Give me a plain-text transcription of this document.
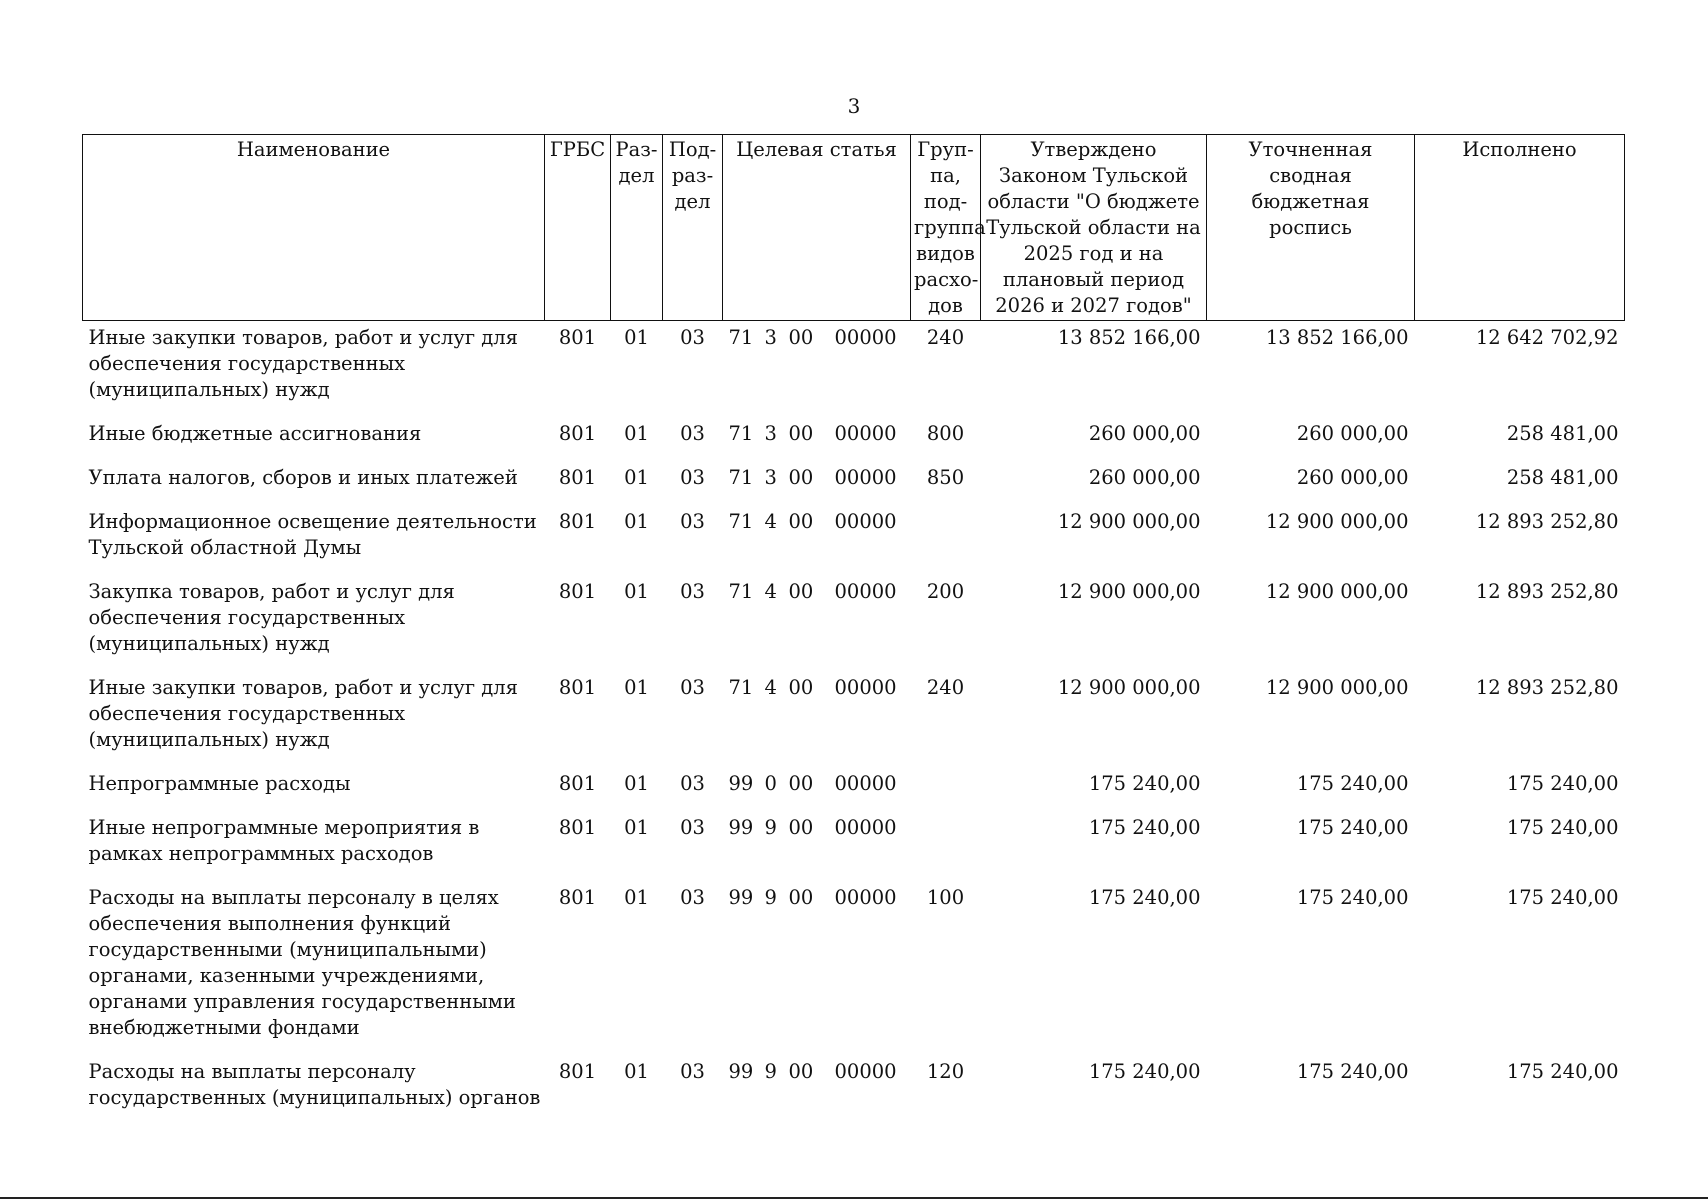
3
Наименование	ГРБС	Раз-дел	Под-раз-дел	Целевая статья	Груп-па, под-группа видов расхо-дов	Утверждено Законом Тульской области "О бюджете Тульской области на 2025 год и на плановый период 2026 и 2027 годов"	Уточненная сводная бюджетная роспись	Исполнено
Иные закупки товаров, работ и услуг для обеспечения государственных (муниципальных) нужд	801	01	03	71 3 00 00000	240	13 852 166,00	13 852 166,00	12 642 702,92
Иные бюджетные ассигнования	801	01	03	71 3 00 00000	800	260 000,00	260 000,00	258 481,00
Уплата налогов, сборов и иных платежей	801	01	03	71 3 00 00000	850	260 000,00	260 000,00	258 481,00
Информационное освещение деятельности Тульской областной Думы	801	01	03	71 4 00 00000		12 900 000,00	12 900 000,00	12 893 252,80
Закупка товаров, работ и услуг для обеспечения государственных (муниципальных) нужд	801	01	03	71 4 00 00000	200	12 900 000,00	12 900 000,00	12 893 252,80
Иные закупки товаров, работ и услуг для обеспечения государственных (муниципальных) нужд	801	01	03	71 4 00 00000	240	12 900 000,00	12 900 000,00	12 893 252,80
Непрограммные расходы	801	01	03	99 0 00 00000		175 240,00	175 240,00	175 240,00
Иные непрограммные мероприятия в рамках непрограммных расходов	801	01	03	99 9 00 00000		175 240,00	175 240,00	175 240,00
Расходы на выплаты персоналу в целях обеспечения выполнения функций государственными (муниципальными) органами, казенными учреждениями, органами управления государственными внебюджетными фондами	801	01	03	99 9 00 00000	100	175 240,00	175 240,00	175 240,00
Расходы на выплаты персоналу государственных (муниципальных) органов	801	01	03	99 9 00 00000	120	175 240,00	175 240,00	175 240,00
